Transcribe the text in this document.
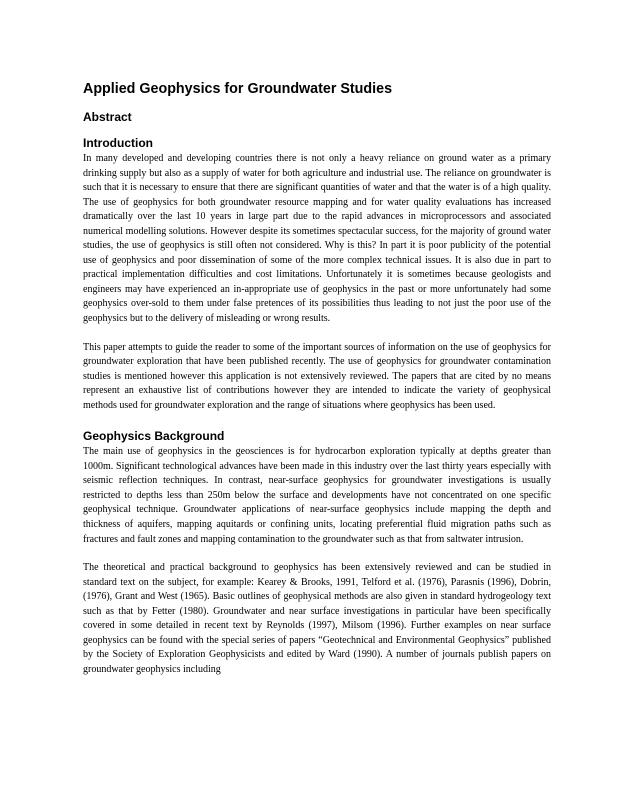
Applied Geophysics for Groundwater Studies
Abstract
Introduction

In many developed and developing countries there is not only a heavy reliance on ground water as a primary drinking supply but also as a supply of water for both agriculture and industrial use. The reliance on groundwater is such that it is necessary to ensure that there are significant quantities of water and that the water is of a high quality. The use of geophysics for both groundwater resource mapping and for water quality evaluations has increased dramatically over the last 10 years in large part due to the rapid advances in microprocessors and associated numerical modelling solutions. However despite its sometimes spectacular success, for the majority of ground water studies, the use of geophysics is still often not considered. Why is this? In part it is poor publicity of the potential use of geophysics and poor dissemination of some of the more complex technical issues. It is also due in part to practical implementation difficulties and cost limitations. Unfortunately it is sometimes because geologists and engineers may have experienced an in-appropriate use of geophysics in the past or more unfortunately had some geophysics over-sold to them under false pretences of its possibilities thus leading to not just the poor use of the geophysics but to the delivery of misleading or wrong results.

This paper attempts to guide the reader to some of the important sources of information on the use of geophysics for groundwater exploration that have been published recently. The use of geophysics for groundwater contamination studies is mentioned however this application is not extensively reviewed. The papers that are cited by no means represent an exhaustive list of contributions however they are intended to indicate the variety of geophysical methods used for groundwater exploration and the range of situations where geophysics has been used.

Geophysics Background

The main use of geophysics in the geosciences is for hydrocarbon exploration typically at depths greater than 1000m. Significant technological advances have been made in this industry over the last thirty years especially with seismic reflection techniques. In contrast, near-surface geophysics for groundwater investigations is usually restricted to depths less than 250m below the surface and developments have not concentrated on one specific geophysical technique. Groundwater applications of near-surface geophysics include mapping the depth and thickness of aquifers, mapping aquitards or confining units, locating preferential fluid migration paths such as fractures and fault zones and mapping contamination to the groundwater such as that from saltwater intrusion.

The theoretical and practical background to geophysics has been extensively reviewed and can be studied in standard text on the subject, for example: Kearey & Brooks, 1991, Telford et al. (1976), Parasnis (1996), Dobrin, (1976), Grant and West (1965). Basic outlines of geophysical methods are also given in standard hydrogeology text such as that by Fetter (1980). Groundwater and near surface investigations in particular have been specifically covered in some detailed in recent text by Reynolds (1997), Milsom (1996). Further examples on near surface geophysics can be found with the special series of papers “Geotechnical and Environmental Geophysics” published by the Society of Exploration Geophysicists and edited by Ward (1990). A number of journals publish papers on groundwater geophysics including
